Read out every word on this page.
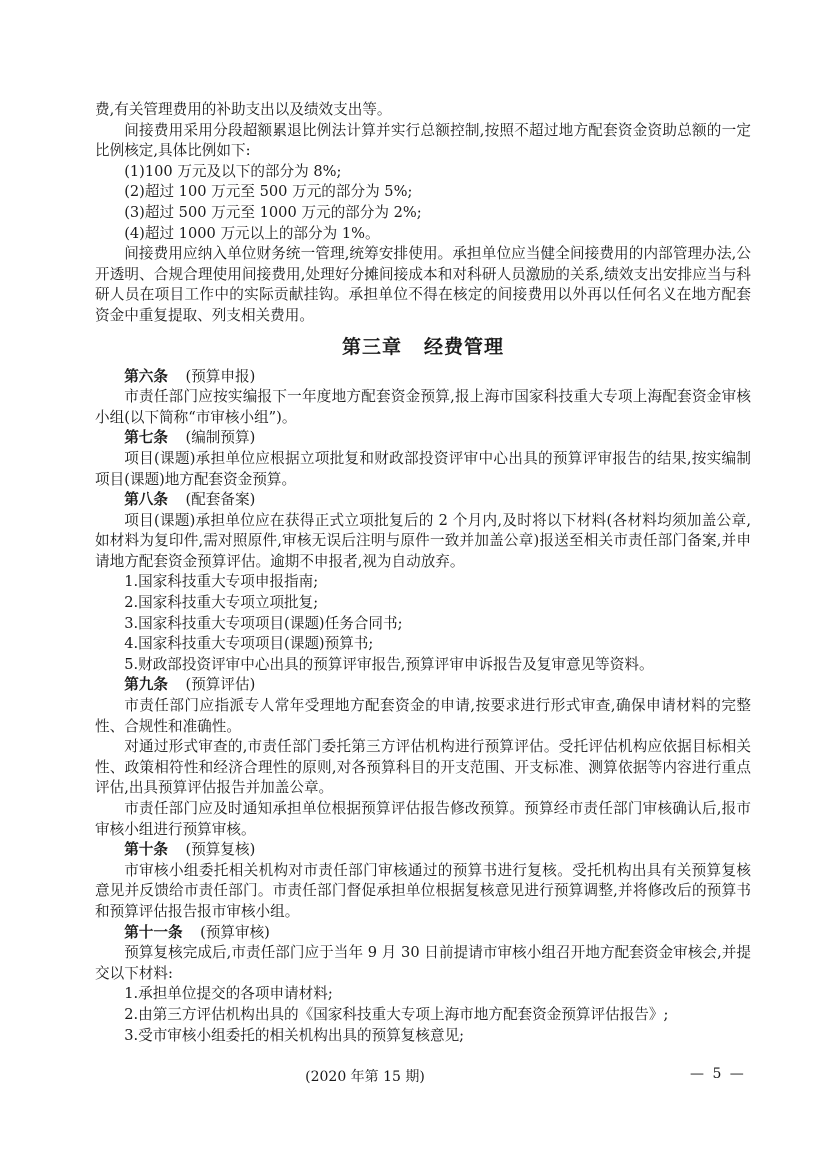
费,有关管理费用的补助支出以及绩效支出等。

间接费用采用分段超额累退比例法计算并实行总额控制,按照不超过地方配套资金资助总额的一定比例核定,具体比例如下:

(1)100 万元及以下的部分为 8%;

(2)超过 100 万元至 500 万元的部分为 5%;

(3)超过 500 万元至 1000 万元的部分为 2%;

(4)超过 1000 万元以上的部分为 1%。

间接费用应纳入单位财务统一管理,统筹安排使用。承担单位应当健全间接费用的内部管理办法,公开透明、合规合理使用间接费用,处理好分摊间接成本和对科研人员激励的关系,绩效支出安排应当与科研人员在项目工作中的实际贡献挂钩。承担单位不得在核定的间接费用以外再以任何名义在地方配套资金中重复提取、列支相关费用。

第三章 经费管理

第六条 (预算申报)

市责任部门应按实编报下一年度地方配套资金预算,报上海市国家科技重大专项上海配套资金审核小组(以下简称“市审核小组”)。

第七条 (编制预算)

项目(课题)承担单位应根据立项批复和财政部投资评审中心出具的预算评审报告的结果,按实编制项目(课题)地方配套资金预算。

第八条 (配套备案)

项目(课题)承担单位应在获得正式立项批复后的 2 个月内,及时将以下材料(各材料均须加盖公章,如材料为复印件,需对照原件,审核无误后注明与原件一致并加盖公章)报送至相关市责任部门备案,并申请地方配套资金预算评估。逾期不申报者,视为自动放弃。

1.国家科技重大专项申报指南;

2.国家科技重大专项立项批复;

3.国家科技重大专项项目(课题)任务合同书;

4.国家科技重大专项项目(课题)预算书;

5.财政部投资评审中心出具的预算评审报告,预算评审申诉报告及复审意见等资料。

第九条 (预算评估)

市责任部门应指派专人常年受理地方配套资金的申请,按要求进行形式审查,确保申请材料的完整性、合规性和准确性。

对通过形式审查的,市责任部门委托第三方评估机构进行预算评估。受托评估机构应依据目标相关性、政策相符性和经济合理性的原则,对各预算科目的开支范围、开支标准、测算依据等内容进行重点评估,出具预算评估报告并加盖公章。

市责任部门应及时通知承担单位根据预算评估报告修改预算。预算经市责任部门审核确认后,报市审核小组进行预算审核。

第十条 (预算复核)

市审核小组委托相关机构对市责任部门审核通过的预算书进行复核。受托机构出具有关预算复核意见并反馈给市责任部门。市责任部门督促承担单位根据复核意见进行预算调整,并将修改后的预算书和预算评估报告报市审核小组。

第十一条 (预算审核)

预算复核完成后,市责任部门应于当年 9 月 30 日前提请市审核小组召开地方配套资金审核会,并提交以下材料:

1.承担单位提交的各项申请材料;

2.由第三方评估机构出具的《国家科技重大专项上海市地方配套资金预算评估报告》;

3.受市审核小组委托的相关机构出具的预算复核意见;

(2020 年第 15 期)	— 5 —
